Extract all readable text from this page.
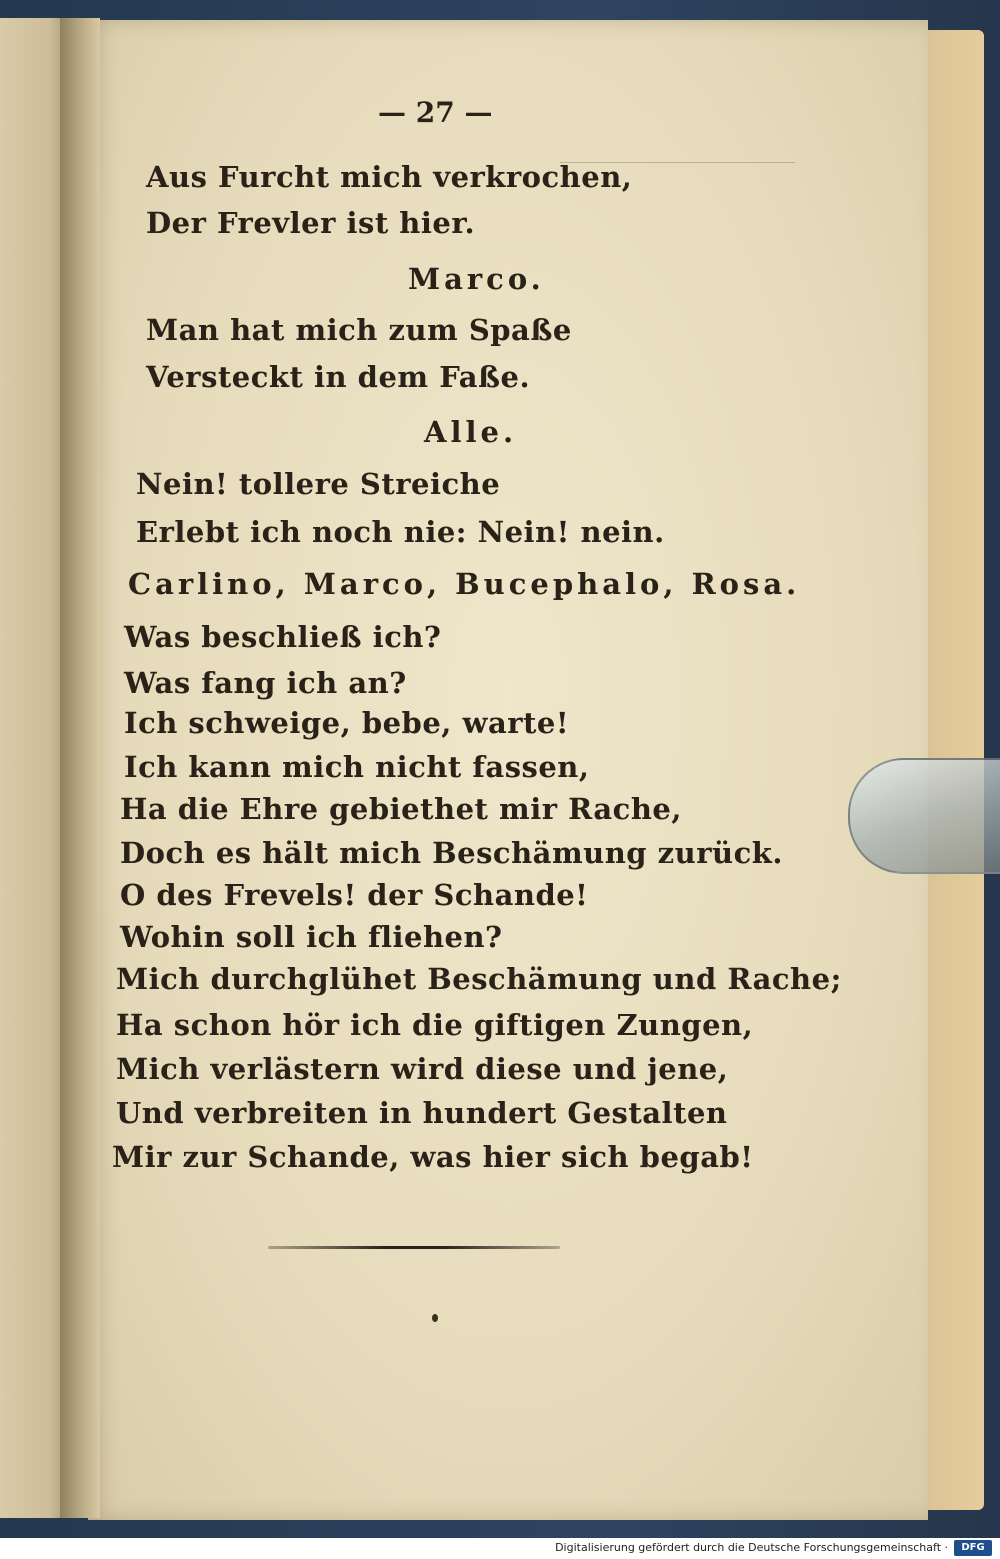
— 27 —
Aus Furcht mich verkrochen,
Der Frevler ist hier.
Marco.
Man hat mich zum Spaße
Versteckt in dem Faße.
Alle.
Nein! tollere Streiche
Erlebt ich noch nie: Nein! nein.
Carlino, Marco, Bucephalo, Rosa.
Was beschließ ich?
Was fang ich an?
Ich schweige, bebe, warte!
Ich kann mich nicht fassen,
Ha die Ehre gebiethet mir Rache,
Doch es hält mich Beschämung zurück.
O des Frevels! der Schande!
Wohin soll ich fliehen?
Mich durchglühet Beschämung und Rache;
Ha schon hör ich die giftigen Zungen,
Mich verlästern wird diese und jene,
Und verbreiten in hundert Gestalten
Mir zur Schande, was hier sich begab!
Digitalisierung gefördert durch die Deutsche Forschungsgemeinschaft ·	DFG
